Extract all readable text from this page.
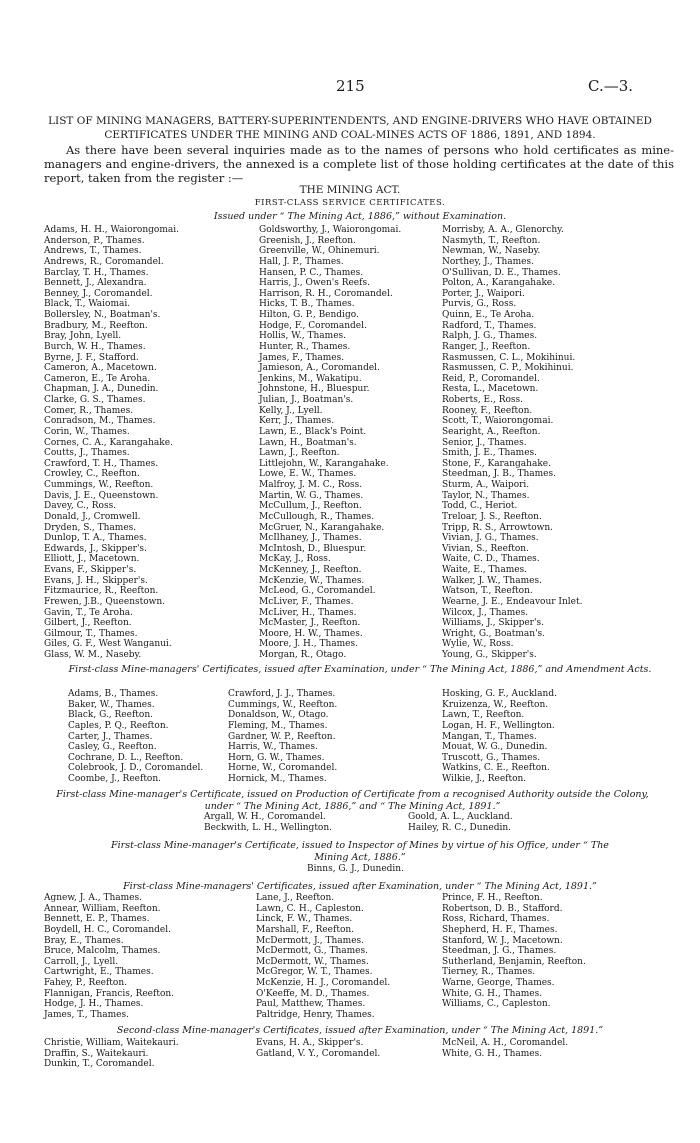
215	C.—3.
LIST OF MINING MANAGERS, BATTERY-SUPERINTENDENTS, AND ENGINE-DRIVERS WHO HAVE OBTAINED
CERTIFICATES UNDER THE MINING AND COAL-MINES ACTS OF 1886, 1891, AND 1894.
As there have been several inquiries made as to the names of persons who hold certificates as mine-managers and engine-drivers, the annexed is a complete list of those holding certificates at the date of this report, taken from the register :—
THE MINING ACT.
FIRST-CLASS SERVICE CERTIFICATES.
Issued under “ The Mining Act, 1886,” without Examination.
Adams, H. H., Waiorongomai.
Anderson, P., Thames.
Andrews, T., Thames.
Andrews, R., Coromandel.
Barclay, T. H., Thames.
Bennett, J., Alexandra.
Benney, J., Coromandel.
Black, T., Waiomai.
Bollersley, N., Boatman's.
Bradbury, M., Reefton.
Bray, John, Lyell.
Burch, W. H., Thames.
Byrne, J. F., Stafford.
Cameron, A., Macetown.
Cameron, E., Te Aroha.
Chapman, J. A., Dunedin.
Clarke, G. S., Thames.
Comer, R., Thames.
Conradson, M., Thames.
Corin, W., Thames.
Cornes, C. A., Karangahake.
Coutts, J., Thames.
Crawford, T. H., Thames.
Crowley, C., Reefton.
Cummings, W., Reefton.
Davis, J. E., Queenstown.
Davey, C., Ross.
Donald, J., Cromwell.
Dryden, S., Thames.
Dunlop, T. A., Thames.
Edwards, J., Skipper's.
Elliott, J., Macetown.
Evans, F., Skipper's.
Evans, J. H., Skipper's.
Fitzmaurice, R., Reefton.
Frewen, J.B., Queenstown.
Gavin, T., Te Aroha.
Gilbert, J., Reefton.
Gilmour, T., Thames.
Giles, G. F., West Wanganui.
Glass, W. M., Naseby.
Goldsworthy, J., Waiorongomai.
Greenish, J., Reefton.
Greenville, W., Ohinemuri.
Hall, J. P., Thames.
Hansen, P. C., Thames.
Harris, J., Owen's Reefs.
Harrison, R. H., Coromandel.
Hicks, T. B., Thames.
Hilton, G. P., Bendigo.
Hodge, F., Coromandel.
Hollis, W., Thames.
Hunter, R., Thames.
James, F., Thames.
Jamieson, A., Coromandel.
Jenkins, M., Wakatipu.
Johnstone, H., Bluespur.
Julian, J., Boatman's.
Kelly, J., Lyell.
Kerr, J., Thames.
Lawn, E., Black's Point.
Lawn, H., Boatman's.
Lawn, J., Reefton.
Littlejohn, W., Karangahake.
Lowe, E. W., Thames.
Malfroy, J. M. C., Ross.
Martin, W. G., Thames.
McCullum, J., Reefton.
McCullough, R., Thames.
McGruer, N., Karangahake.
McIlhaney, J., Thames.
McIntosh, D., Bluespur.
McKay, J., Ross.
McKenney, J., Reefton.
McKenzie, W., Thames.
McLeod, G., Coromandel.
McLiver, F., Thames.
McLiver, H., Thames.
McMaster, J., Reefton.
Moore, H. W., Thames.
Moore, J. H., Thames.
Morgan, R., Otago.
Morrisby, A. A., Glenorchy.
Nasmyth, T., Reefton.
Newman, W., Naseby.
Northey, J., Thames.
O'Sullivan, D. E., Thames.
Polton, A., Karangahake.
Porter, J., Waipori.
Purvis, G., Ross.
Quinn, E., Te Aroha.
Radford, T., Thames.
Ralph, J. G., Thames.
Ranger, J., Reefton.
Rasmussen, C. L., Mokihinui.
Rasmussen, C. P., Mokihinui.
Reid, P., Coromandel.
Resta, L., Macetown.
Roberts, E., Ross.
Rooney, F., Reefton.
Scott, T., Waiorongomai.
Searight, A., Reefton.
Senior, J., Thames.
Smith, J. E., Thames.
Stone, F., Karangahake.
Steedman, J. B., Thames.
Sturm, A., Waipori.
Taylor, N., Thames.
Todd, C., Heriot.
Treloar, J. S., Reefton.
Tripp, R. S., Arrowtown.
Vivian, J. G., Thames.
Vivian, S., Reefton.
Waite, C. D., Thames.
Waite, E., Thames.
Walker, J. W., Thames.
Watson, T., Reefton.
Wearne, J. E., Endeavour Inlet.
Wilcox, J., Thames.
Williams, J., Skipper's.
Wright, G., Boatman's.
Wylie, W., Ross.
Young, G., Skipper's.
First-class Mine-managers' Certificates, issued after Examination, under “ The Mining Act, 1886,” and Amendment Acts.
Adams, B., Thames.
Baker, W., Thames.
Black, G., Reefton.
Caples, P. Q., Reefton.
Carter, J., Thames.
Casley, G., Reefton.
Cochrane, D. L., Reefton.
Colebrook, J. D., Coromandel.
Coombe, J., Reefton.
Crawford, J. J., Thames.
Cummings, W., Reefton.
Donaldson, W., Otago.
Fleming, M., Thames.
Gardner, W. P., Reefton.
Harris, W., Thames.
Horn, G. W., Thames.
Horne, W., Coromandel.
Hornick, M., Thames.
Hosking, G. F., Auckland.
Kruizenza, W., Reefton.
Lawn, T., Reefton.
Logan, H. F., Wellington.
Mangan, T., Thames.
Mouat, W. G., Dunedin.
Truscott, G., Thames.
Watkins, C. E., Reefton.
Wilkie, J., Reefton.
First-class Mine-manager's Certificate, issued on Production of Certificate from a recognised Authority outside the Colony, under “ The Mining Act, 1886,” and “ The Mining Act, 1891.”
Argall, W. H., Coromandel.
Beckwith, L. H., Wellington.
Goold, A. L., Auckland.
Hailey, R. C., Dunedin.
First-class Mine-manager's Certificate, issued to Inspector of Mines by virtue of his Office, under “ The Mining Act, 1886.”
Binns, G. J., Dunedin.
First-class Mine-managers' Certificates, issued after Examination, under “ The Mining Act, 1891.”
Agnew, J. A., Thames.
Annear, William, Reefton.
Bennett, E. P., Thames.
Boydell, H. C., Coromandel.
Bray, E., Thames.
Bruce, Malcolm, Thames.
Carroll, J., Lyell.
Cartwright, E., Thames.
Fahey, P., Reefton.
Flannigan, Francis, Reefton.
Hodge, J. H., Thames.
James, T., Thames.
Lane, J., Reefton.
Lawn, C. H., Capleston.
Linck, F. W., Thames.
Marshall, F., Reefton.
McDermott, J., Thames.
McDermott, G., Thames.
McDermott, W., Thames.
McGregor, W. T., Thames.
McKenzie, H. J., Coromandel.
O'Keeffe, M. D., Thames.
Paul, Matthew, Thames.
Paltridge, Henry, Thames.
Prince, F. H., Reefton.
Robertson, D. B., Stafford.
Ross, Richard, Thames.
Shepherd, H. F., Thames.
Stanford, W. J., Macetown.
Steedman, J. G., Thames.
Sutherland, Benjamin, Reefton.
Tierney, R., Thames.
Warne, George, Thames.
White, G. H., Thames.
Williams, C., Capleston.
Second-class Mine-manager's Certificates, issued after Examination, under “ The Mining Act, 1891.”
Christie, William, Waitekauri.
Draffin, S., Waitekauri.
Dunkin, T., Coromandel.
Evans, H. A., Skipper's.
Gatland, V. Y., Coromandel.
McNeil, A. H., Coromandel.
White, G. H., Thames.
